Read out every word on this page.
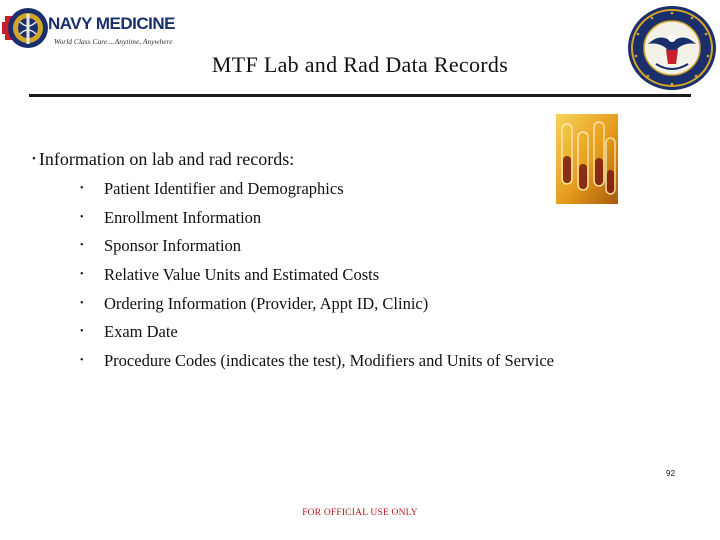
NAVY MEDICINE
World Class Care....Anytime, Anywhere
MTF Lab and Rad Data Records
• Information on lab and rad records:
• Patient Identifier and Demographics
• Enrollment Information
• Sponsor Information
• Relative Value Units and Estimated Costs
• Ordering Information (Provider, Appt ID, Clinic)
• Exam Date
• Procedure Codes (indicates the test), Modifiers and Units of Service
92
FOR OFFICIAL USE ONLY
